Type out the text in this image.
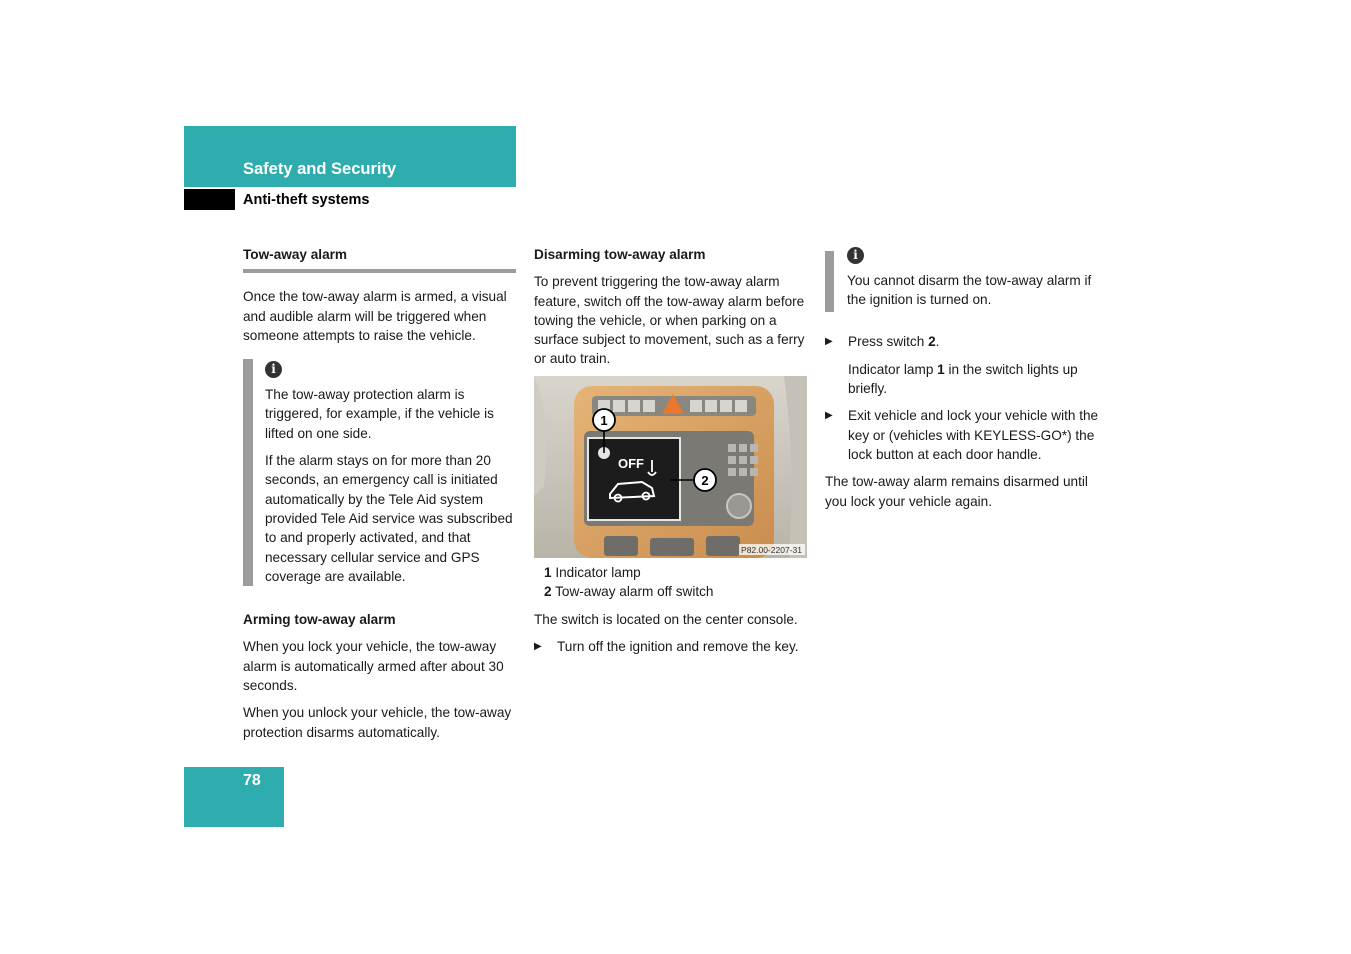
Safety and Security
Anti-theft systems
Tow-away alarm

Once the tow-away alarm is armed, a visual and audible alarm will be triggered when someone attempts to raise the vehicle.

i

The tow-away protection alarm is triggered, for example, if the vehicle is lifted on one side.

If the alarm stays on for more than 20 seconds, an emergency call is initiated automatically by the Tele Aid system provided Tele Aid service was subscribed to and properly activated, and that necessary cellular service and GPS coverage are available.

Arming tow-away alarm

When you lock your vehicle, the tow-away alarm is automatically armed after about 30 seconds.

When you unlock your vehicle, the tow-away protection disarms automatically.

Disarming tow-away alarm

To prevent triggering the tow-away alarm feature, switch off the tow-away alarm before towing the vehicle, or when parking on a surface subject to movement, such as a ferry or auto train.

OFF
1
2
P82.00-2207-31
1 Indicator lamp
2 Tow-away alarm off switch

The switch is located on the center console.

▶ Turn off the ignition and remove the key.
i

You cannot disarm the tow-away alarm if the ignition is turned on.

▶ Press switch 2.

Indicator lamp 1 in the switch lights up briefly.

▶ Exit vehicle and lock your vehicle with the key or (vehicles with KEYLESS-GO*) the lock button at each door handle.

The tow-away alarm remains disarmed until you lock your vehicle again.

78
